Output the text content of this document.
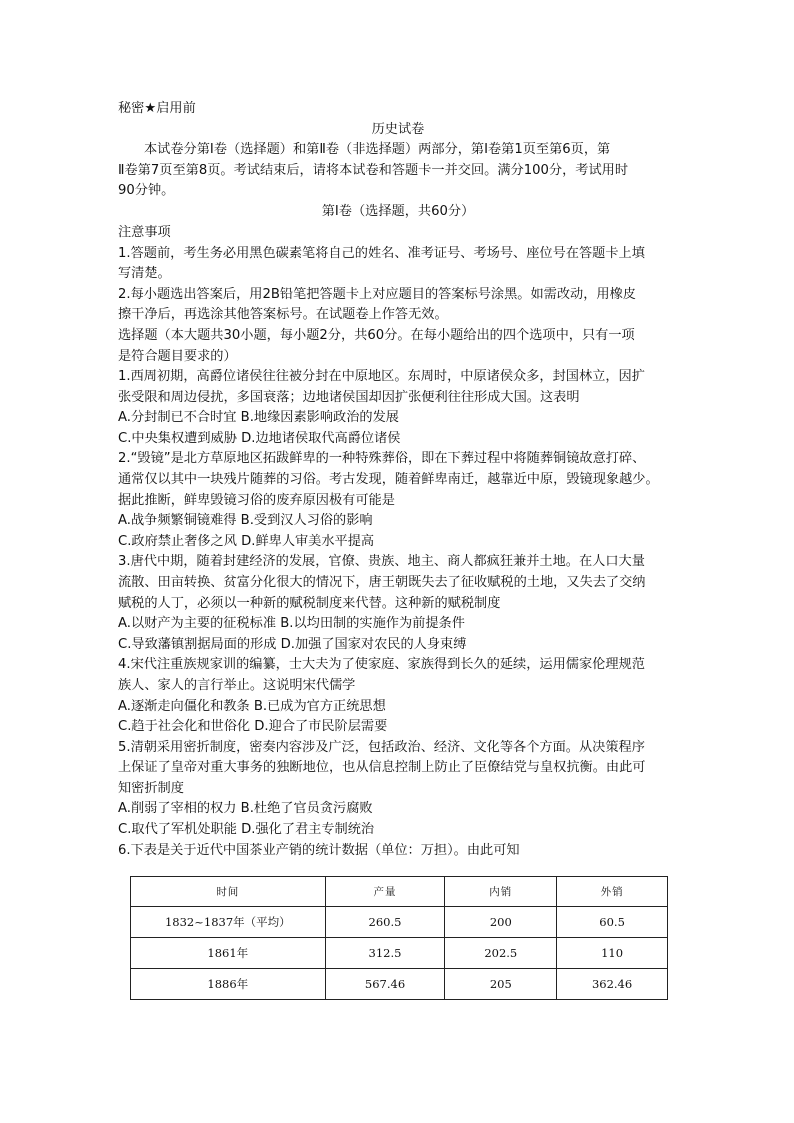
秘密★启用前
历史试卷
本试卷分第Ⅰ卷（选择题）和第Ⅱ卷（非选择题）两部分，第Ⅰ卷第1页至第6页，第
Ⅱ卷第7页至第8页。考试结束后，请将本试卷和答题卡一并交回。满分100分，考试用时
90分钟。
第Ⅰ卷（选择题，共60分）
注意事项
1.答题前，考生务必用黑色碳素笔将自己的姓名、准考证号、考场号、座位号在答题卡上填
写清楚。
2.每小题选出答案后，用2B铅笔把答题卡上对应题目的答案标号涂黑。如需改动，用橡皮
擦干净后，再选涂其他答案标号。在试题卷上作答无效。
选择题（本大题共30小题，每小题2分，共60分。在每小题给出的四个选项中，只有一项
是符合题目要求的）
1.西周初期，高爵位诸侯往往被分封在中原地区。东周时，中原诸侯众多，封国林立，因扩
张受限和周边侵扰，多国衰落；边地诸侯国却因扩张便利往往形成大国。这表明
A.分封制已不合时宜 B.地缘因素影响政治的发展
C.中央集权遭到威胁 D.边地诸侯取代高爵位诸侯
2.“毁镜”是北方草原地区拓跋鲜卑的一种特殊葬俗，即在下葬过程中将随葬铜镜故意打碎、
通常仅以其中一块残片随葬的习俗。考古发现，随着鲜卑南迁，越靠近中原，毁镜现象越少。
据此推断，鲜卑毁镜习俗的废弃原因极有可能是
A.战争频繁铜镜难得 B.受到汉人习俗的影响
C.政府禁止奢侈之风 D.鲜卑人审美水平提高
3.唐代中期，随着封建经济的发展，官僚、贵族、地主、商人都疯狂兼并土地。在人口大量
流散、田亩转换、贫富分化很大的情况下，唐王朝既失去了征收赋税的土地，又失去了交纳
赋税的人丁，必须以一种新的赋税制度来代替。这种新的赋税制度
A.以财产为主要的征税标准 B.以均田制的实施作为前提条件
C.导致藩镇割据局面的形成 D.加强了国家对农民的人身束缚
4.宋代注重族规家训的编纂，士大夫为了使家庭、家族得到长久的延续，运用儒家伦理规范
族人、家人的言行举止。这说明宋代儒学
A.逐渐走向僵化和教条 B.已成为官方正统思想
C.趋于社会化和世俗化 D.迎合了市民阶层需要
5.清朝采用密折制度，密奏内容涉及广泛，包括政治、经济、文化等各个方面。从决策程序
上保证了皇帝对重大事务的独断地位，也从信息控制上防止了臣僚结党与皇权抗衡。由此可
知密折制度
A.削弱了宰相的权力 B.杜绝了官员贪污腐败
C.取代了军机处职能 D.强化了君主专制统治
6.下表是关于近代中国茶业产销的统计数据（单位：万担）。由此可知
时间	产量	内销	外销
1832~1837年（平均）	260.5	200	60.5
1861年	312.5	202.5	110
1886年	567.46	205	362.46
